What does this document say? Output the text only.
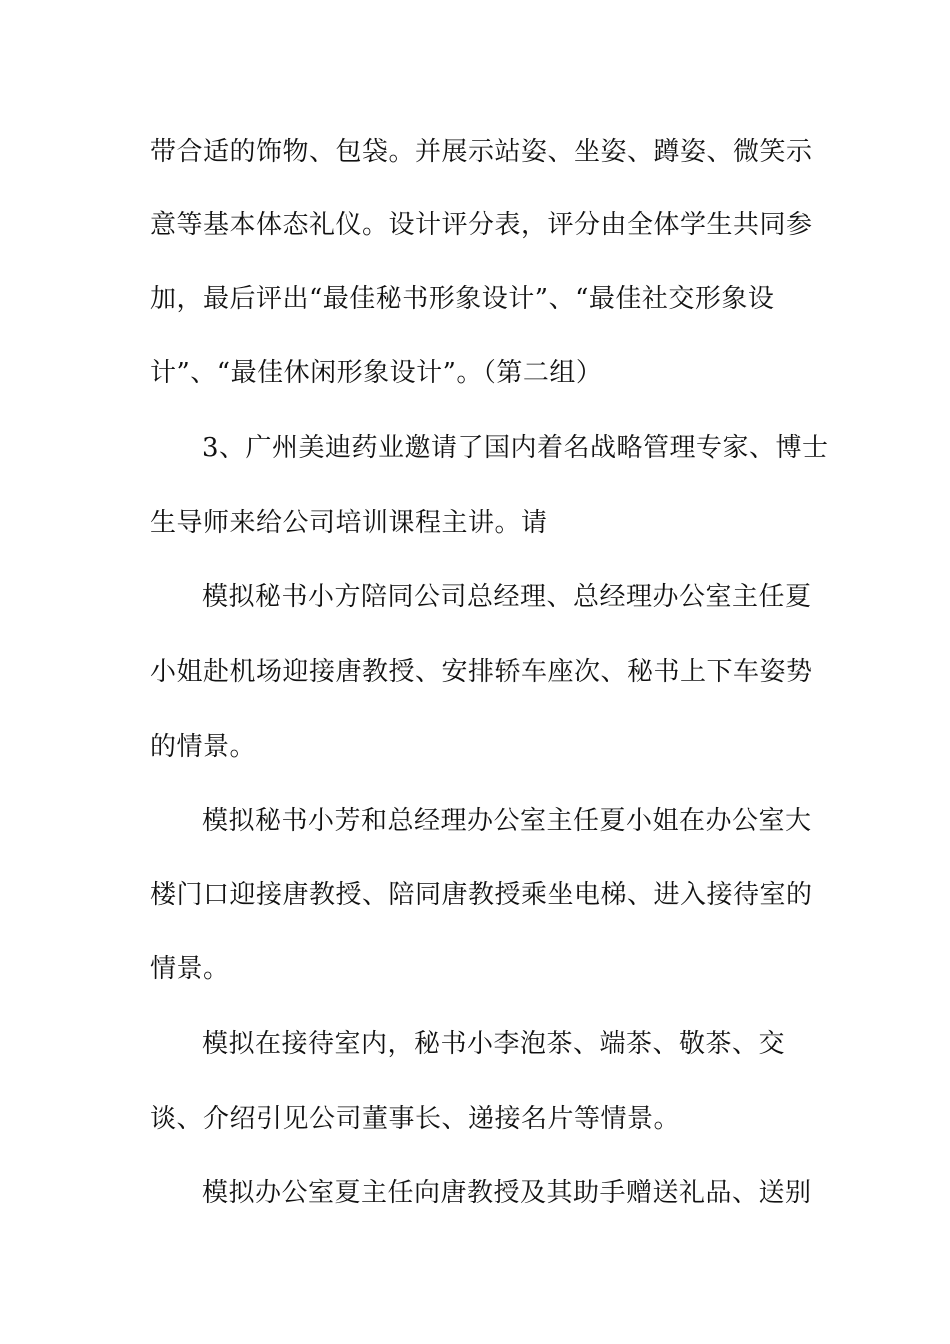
带合适的饰物、包袋。并展示站姿、坐姿、蹲姿、微笑示
意等基本体态礼仪。设计评分表，评分由全体学生共同参
加，最后评出“最佳秘书形象设计”、“最佳社交形象设
计”、“最佳休闲形象设计”。（第二组）
3、广州美迪药业邀请了国内着名战略管理专家、博士
生导师来给公司培训课程主讲。请
模拟秘书小方陪同公司总经理、总经理办公室主任夏
小姐赴机场迎接唐教授、安排轿车座次、秘书上下车姿势
的情景。
模拟秘书小芳和总经理办公室主任夏小姐在办公室大
楼门口迎接唐教授、陪同唐教授乘坐电梯、进入接待室的
情景。
模拟在接待室内，秘书小李泡茶、端茶、敬茶、交
谈、介绍引见公司董事长、递接名片等情景。
模拟办公室夏主任向唐教授及其助手赠送礼品、送别
